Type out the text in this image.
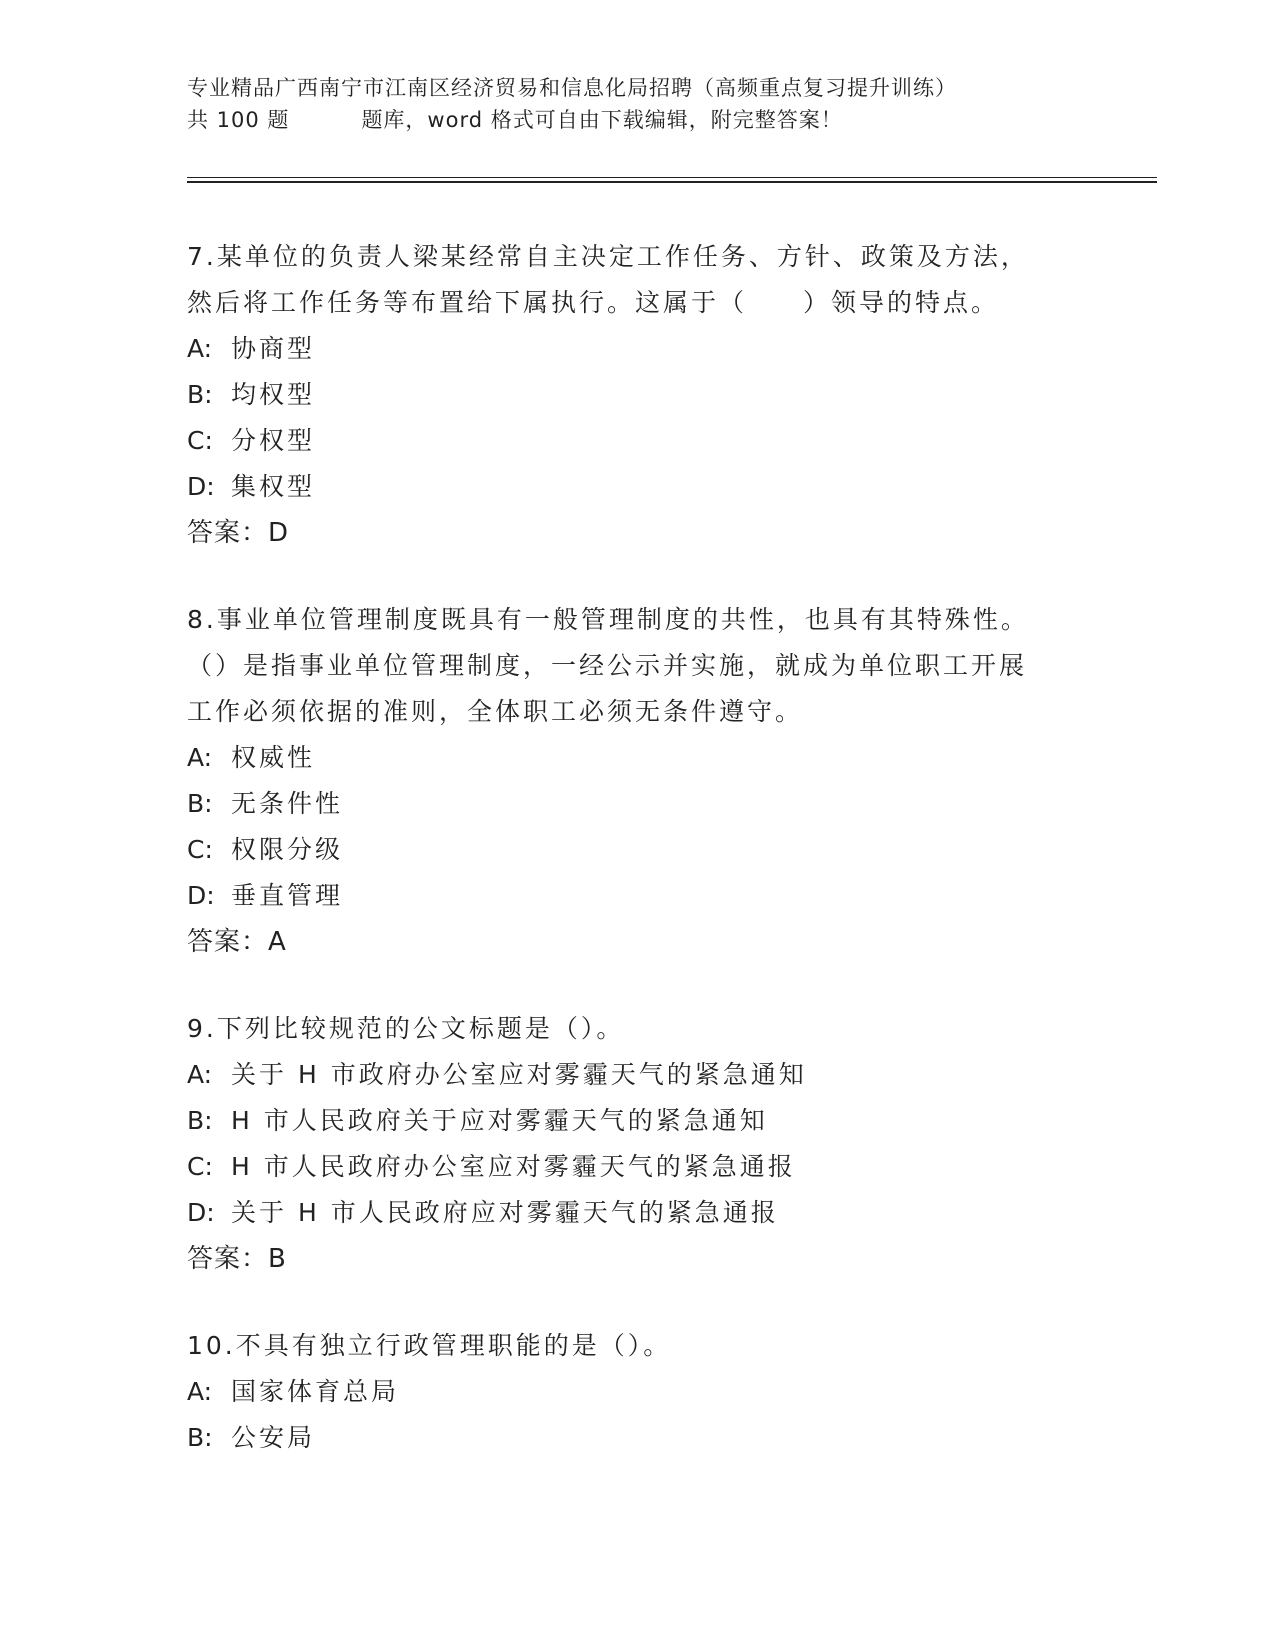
专业精品广西南宁市江南区经济贸易和信息化局招聘（高频重点复习提升训练）
共 100 题	题库，word 格式可自由下载编辑，附完整答案！
7.某单位的负责人梁某经常自主决定工作任务、方针、政策及方法，
然后将工作任务等布置给下属执行。这属于（　　）领导的特点。
A: 协商型
B: 均权型
C: 分权型
D: 集权型
答案：D
8.事业单位管理制度既具有一般管理制度的共性，也具有其特殊性。
（）是指事业单位管理制度，一经公示并实施，就成为单位职工开展
工作必须依据的准则，全体职工必须无条件遵守。
A: 权威性
B: 无条件性
C: 权限分级
D: 垂直管理
答案：A
9.下列比较规范的公文标题是（）。
A: 关于 H 市政府办公室应对雾霾天气的紧急通知
B: H 市人民政府关于应对雾霾天气的紧急通知
C: H 市人民政府办公室应对雾霾天气的紧急通报
D: 关于 H 市人民政府应对雾霾天气的紧急通报
答案：B
10.不具有独立行政管理职能的是（）。
A: 国家体育总局
B: 公安局
